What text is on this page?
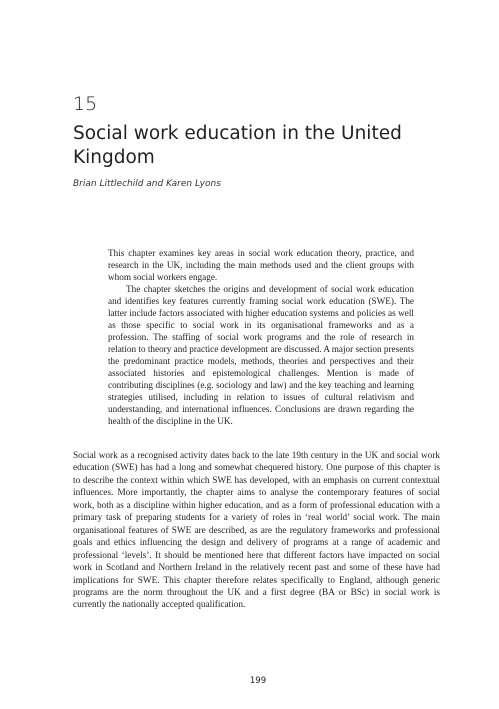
15
Social work education in the United Kingdom

Brian Littlechild and Karen Lyons

This chapter examines key areas in social work education theory, practice, and research in the UK, including the main methods used and the client groups with whom social workers engage.

The chapter sketches the origins and development of social work education and identifies key features currently framing social work education (SWE). The latter include factors associated with higher education systems and policies as well as those specific to social work in its organisational frameworks and as a profession. The staffing of social work programs and the role of research in relation to theory and practice development are discussed. A major section presents the predominant practice models, methods, theories and perspectives and their associated histories and epistemological challenges. Mention is made of contributing disciplines (e.g. sociology and law) and the key teaching and learning strategies utilised, including in relation to issues of cultural relativism and understanding, and international influences. Conclusions are drawn regarding the health of the discipline in the UK.

Social work as a recognised activity dates back to the late 19th century in the UK and social work education (SWE) has had a long and somewhat chequered history. One purpose of this chapter is to describe the context within which SWE has developed, with an emphasis on current contextual influences. More importantly, the chapter aims to analyse the contemporary features of social work, both as a discipline within higher education, and as a form of professional education with a primary task of preparing students for a variety of roles in ‘real world’ social work. The main organisational features of SWE are described, as are the regulatory frameworks and professional goals and ethics influencing the design and delivery of programs at a range of academic and professional ‘levels’. It should be mentioned here that different factors have impacted on social work in Scotland and Northern Ireland in the relatively recent past and some of these have had implications for SWE. This chapter therefore relates specifically to England, although generic programs are the norm throughout the UK and a first degree (BA or BSc) in social work is currently the nationally accepted qualification.

199
